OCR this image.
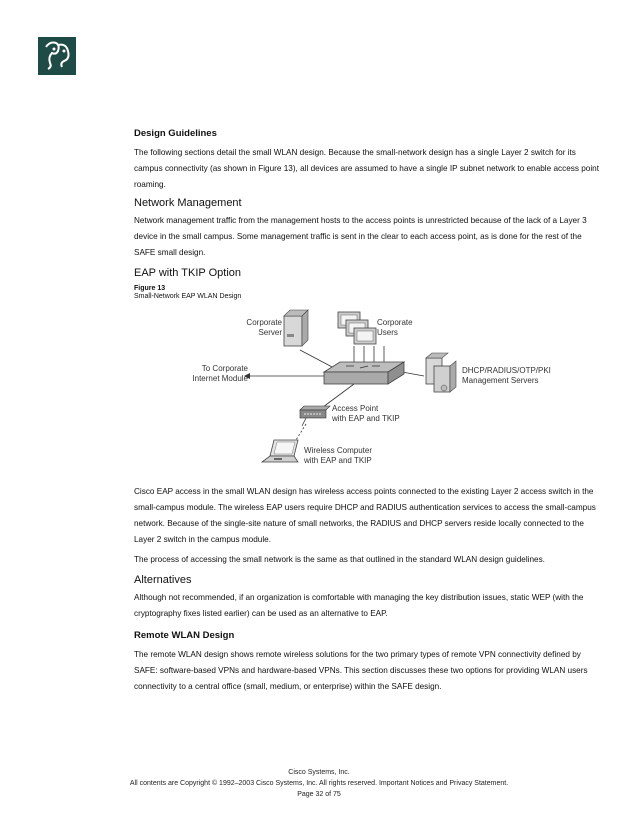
Design Guidelines
The following sections detail the small WLAN design. Because the small-network design has a single Layer 2 switch for its campus connectivity (as shown in Figure 13), all devices are assumed to have a single IP subnet network to enable access point roaming.
Network Management
Network management traffic from the management hosts to the access points is unrestricted because of the lack of a Layer 3 device in the small campus. Some management traffic is sent in the clear to each access point, as is done for the rest of the SAFE small design.
EAP with TKIP Option
Figure 13
Small-Network EAP WLAN Design
Corporate
Server
Corporate
Users
To Corporate
Internet Module
DHCP/RADIUS/OTP/PKI
Management Servers
Access Point
with EAP and TKIP
Wireless Computer
with EAP and TKIP
Cisco EAP access in the small WLAN design has wireless access points connected to the existing Layer 2 access switch in the small-campus module. The wireless EAP users require DHCP and RADIUS authentication services to access the small-campus network. Because of the single-site nature of small networks, the RADIUS and DHCP servers reside locally connected to the Layer 2 switch in the campus module.
The process of accessing the small network is the same as that outlined in the standard WLAN design guidelines.
Alternatives
Although not recommended, if an organization is comfortable with managing the key distribution issues, static WEP (with the cryptography fixes listed earlier) can be used as an alternative to EAP.
Remote WLAN Design
The remote WLAN design shows remote wireless solutions for the two primary types of remote VPN connectivity defined by SAFE: software-based VPNs and hardware-based VPNs. This section discusses these two options for providing WLAN users connectivity to a central office (small, medium, or enterprise) within the SAFE design.
Cisco Systems, Inc.
All contents are Copyright © 1992–2003 Cisco Systems, Inc. All rights reserved. Important Notices and Privacy Statement.
Page 32 of 75
